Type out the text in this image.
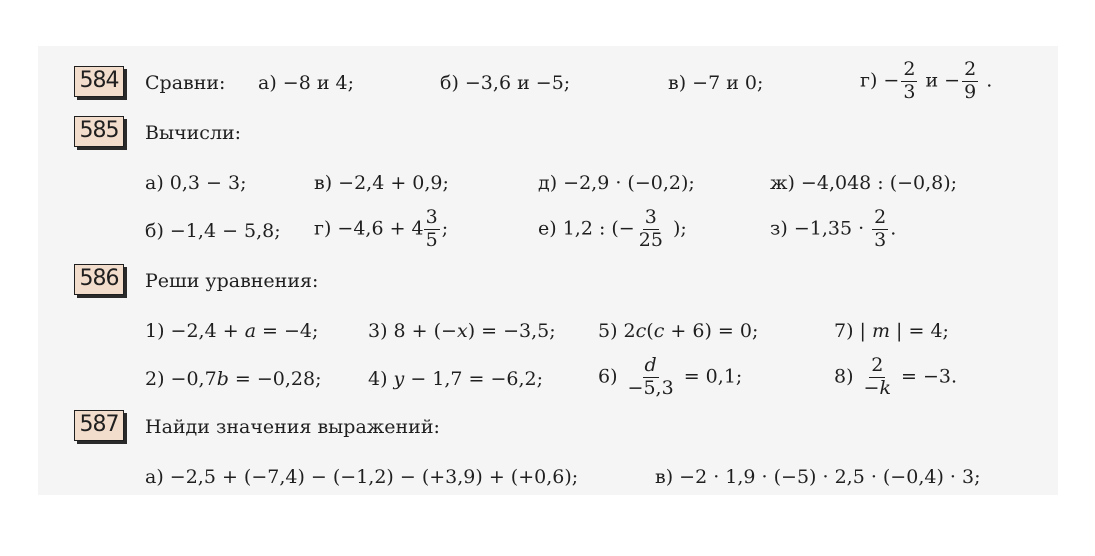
584 Сравни: а) −8 и 4;	б) −3,6 и −5;	в) −7 и 0;	$г) - \frac{2}{3}$ $и - \frac{2}{9}$ .
585 Вычисли:
а) 0,3 − 3;	в) −2,4 + 0,9;	д) −2,9 · (−0,2);	ж) −4,048 : (−0,8);
б) −1,4 − 5,8; $г) -4,6 + 4 \frac{3}{5}$ ;	е) 1,2 : (− $\frac{3}{25}$ );	$з) -1,35 \cdot \frac{2}{3}$ .
586 Реши уравнения:
1) −2,4 + a = −4;	3) 8 + (−x) = −3,5; 5) 2c(c + 6) = 0;	7) | m | = 4;
2) −0,7b = −0,28; 4) y − 1,7 = −6,2;	$6) \frac{d}{-5,3} = 0,1$;	$8) \frac{2}{-k} = -3$.
587 Найди значения выражений:
а) −2,5 + (−7,4) − (−1,2) − (+3,9) + (+0,6);	в) −2 · 1,9 · (−5) · 2,5 · (−0,4) · 3;
